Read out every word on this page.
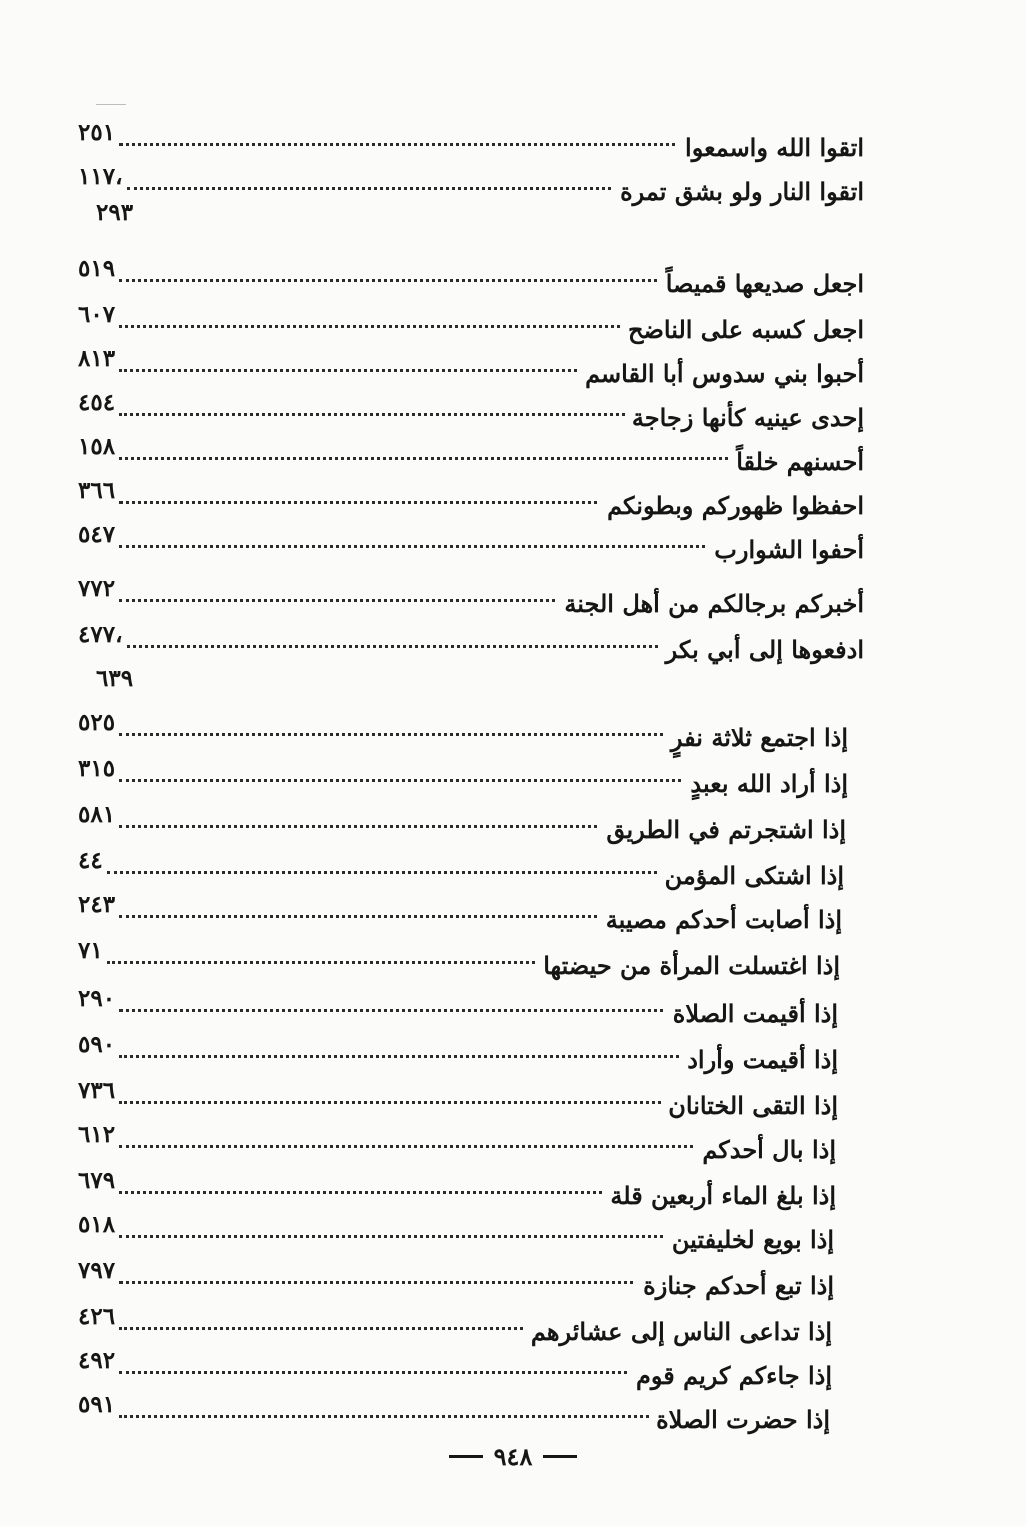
٢٥١
اتقوا الله واسمعوا
١١٧،
اتقوا النار ولو بشق تمرة
٢٩٣
٥١٩
اجعل صديعها قميصاً
٦٠٧
اجعل كسبه على الناضح
٨١٣
أحبوا بني سدوس أبا القاسم
٤٥٤
إحدى عينيه كأنها زجاجة
١٥٨
أحسنهم خلقاً
٣٦٦
احفظوا ظهوركم وبطونكم
٥٤٧
أحفوا الشوارب
٧٧٢
أخبركم برجالكم من أهل الجنة
٤٧٧،
ادفعوها إلى أبي بكر
٦٣٩
٥٢٥
إذا اجتمع ثلاثة نفرٍ
٣١٥
إذا أراد الله بعبدٍ
٥٨١
إذا اشتجرتم في الطريق
٤٤
إذا اشتكى المؤمن
٢٤٣
إذا أصابت أحدكم مصيبة
٧١
إذا اغتسلت المرأة من حيضتها
٢٩٠
إذا أقيمت الصلاة
٥٩٠
إذا أقيمت وأراد
٧٣٦
إذا التقى الختانان
٦١٢
إذا بال أحدكم
٦٧٩
إذا بلغ الماء أربعين قلة
٥١٨
إذا بويع لخليفتين
٧٩٧
إذا تبع أحدكم جنازة
٤٢٦
إذا تداعى الناس إلى عشائرهم
٤٩٢
إذا جاءكم كريم قوم
٥٩١
إذا حضرت الصلاة
٩٤٨
